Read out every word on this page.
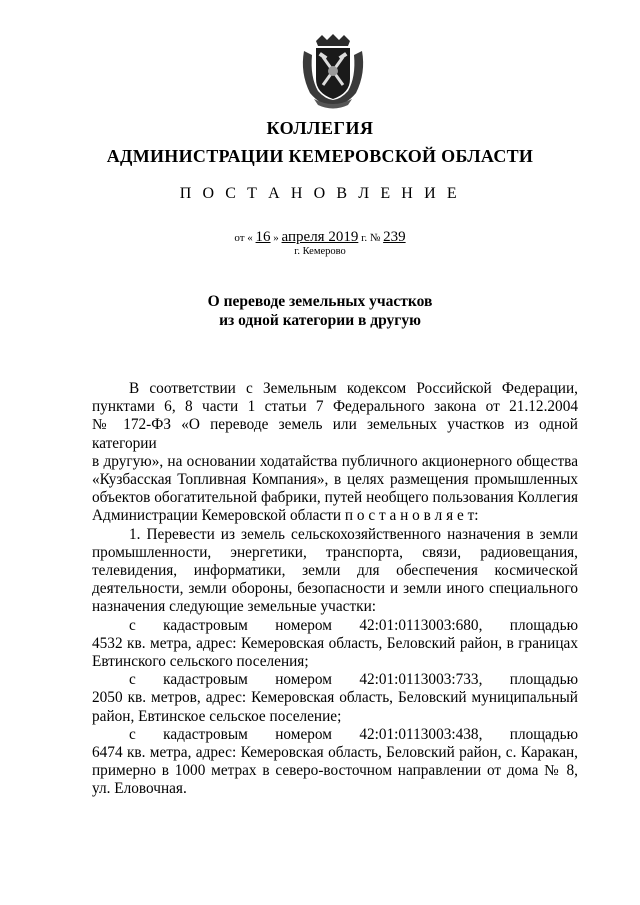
КОЛЛЕГИЯ
АДМИНИСТРАЦИИ КЕМЕРОВСКОЙ ОБЛАСТИ
П О С Т А Н О В Л Е Н И Е
от « 16 » апреля 2019 г. № 239
г. Кемерово
О переводе земельных участков
из одной категории в другую
В соответствии с Земельным кодексом Российской Федерации,
пунктами 6, 8 части 1 статьи 7 Федерального закона от 21.12.2004
№ 172-ФЗ «О переводе земель или земельных участков из одной категории
в другую», на основании ходатайства публичного акционерного общества
«Кузбасская Топливная Компания», в целях размещения промышленных
объектов обогатительной фабрики, путей необщего пользования Коллегия
Администрации Кемеровской области п о с т а н о в л я е т:
1. Перевести из земель сельскохозяйственного назначения в земли
промышленности, энергетики, транспорта, связи, радиовещания,
телевидения, информатики, земли для обеспечения космической
деятельности, земли обороны, безопасности и земли иного специального
назначения следующие земельные участки:
с кадастровым номером 42:01:0113003:680, площадью
4532 кв. метра, адрес: Кемеровская область, Беловский район, в границах
Евтинского сельского поселения;
с кадастровым номером 42:01:0113003:733, площадью
2050 кв. метров, адрес: Кемеровская область, Беловский муниципальный
район, Евтинское сельское поселение;
с кадастровым номером 42:01:0113003:438, площадью
6474 кв. метра, адрес: Кемеровская область, Беловский район, с. Каракан,
примерно в 1000 метрах в северо-восточном направлении от дома № 8,
ул. Еловочная.
